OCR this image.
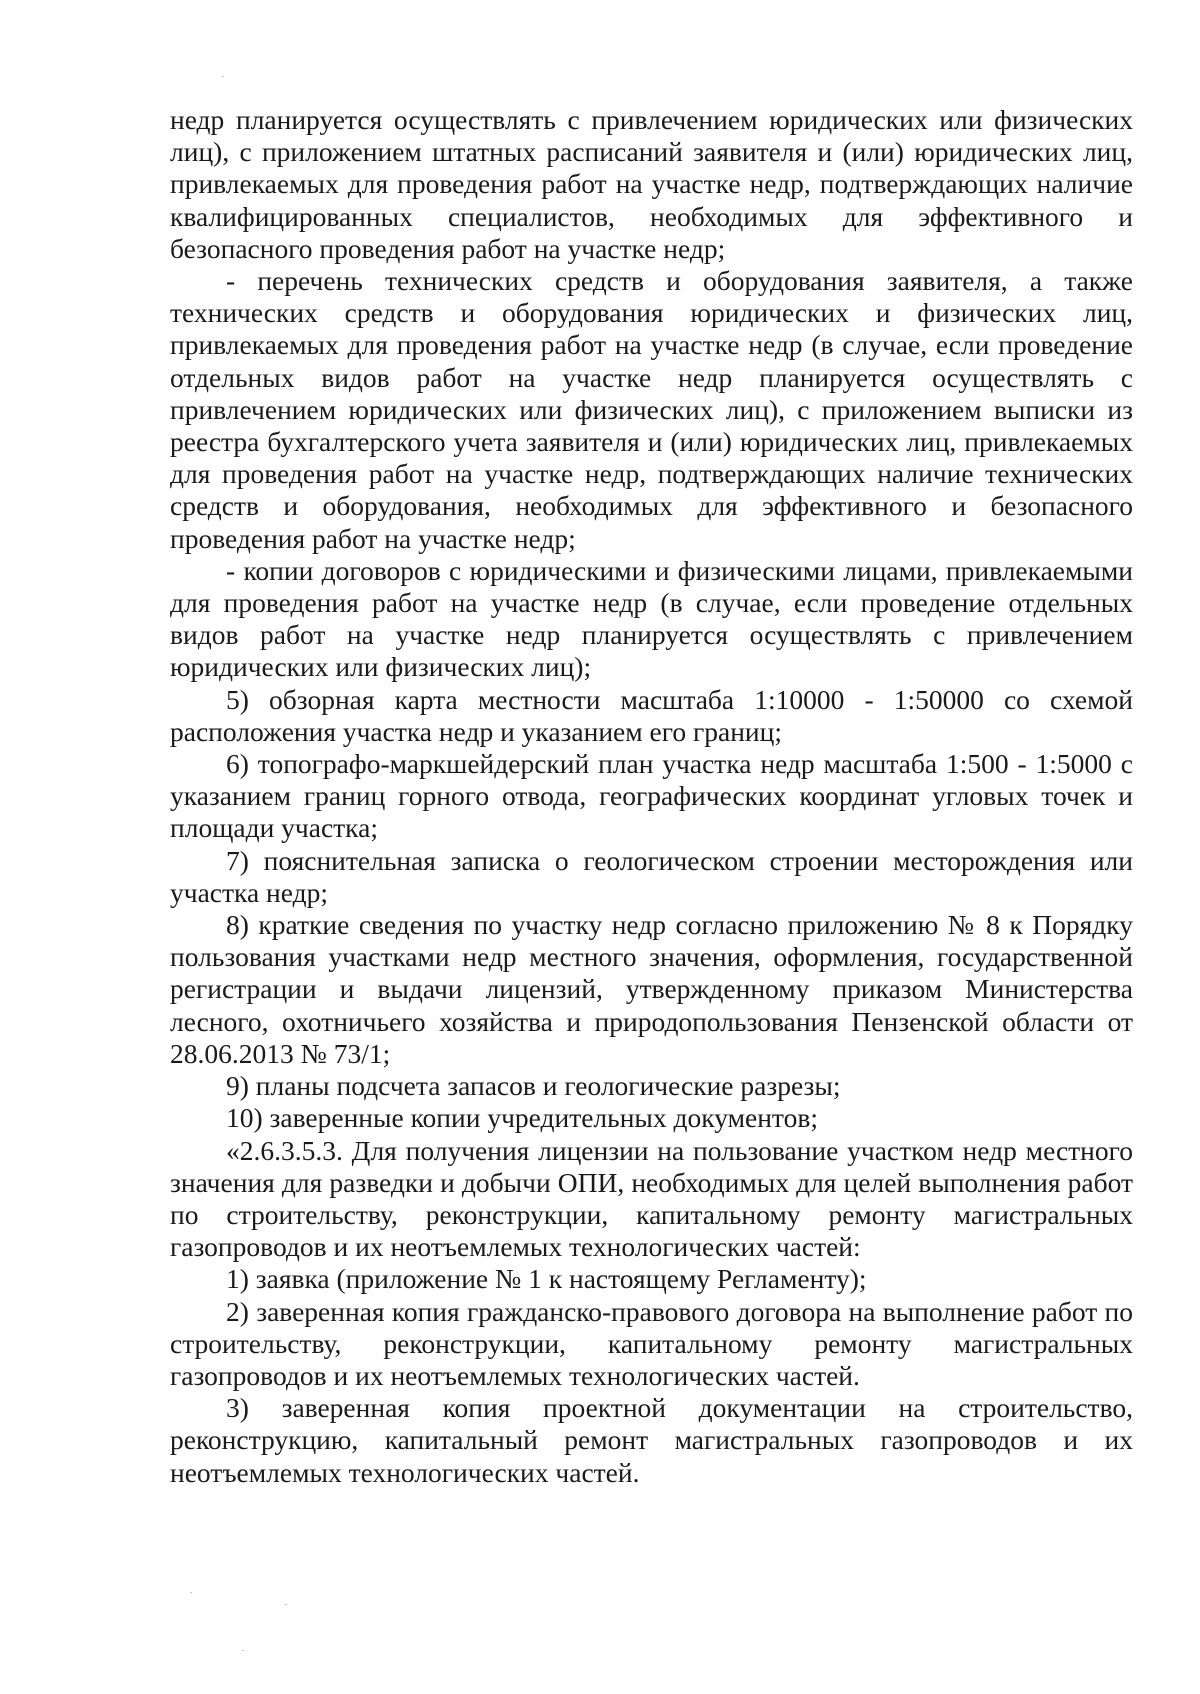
недр планируется осуществлять с привлечением юридических или физических лиц), с приложением штатных расписаний заявителя и (или) юридических лиц, привлекаемых для проведения работ на участке недр, подтверждающих наличие квалифицированных специалистов, необходимых для эффективного и безопасного проведения работ на участке недр;

- перечень технических средств и оборудования заявителя, а также технических средств и оборудования юридических и физических лиц, привлекаемых для проведения работ на участке недр (в случае, если проведение отдельных видов работ на участке недр планируется осуществлять с привлечением юридических или физических лиц), с приложением выписки из реестра бухгалтерского учета заявителя и (или) юридических лиц, привлекаемых для проведения работ на участке недр, подтверждающих наличие технических средств и оборудования, необходимых для эффективного и безопасного проведения работ на участке недр;

- копии договоров с юридическими и физическими лицами, привлекаемыми для проведения работ на участке недр (в случае, если проведение отдельных видов работ на участке недр планируется осуществлять с привлечением юридических или физических лиц);

5) обзорная карта местности масштаба 1:10000 - 1:50000 со схемой расположения участка недр и указанием его границ;

6) топографо-маркшейдерский план участка недр масштаба 1:500 - 1:5000 с указанием границ горного отвода, географических координат угловых точек и площади участка;

7) пояснительная записка о геологическом строении месторождения или участка недр;

8) краткие сведения по участку недр согласно приложению № 8 к Порядку пользования участками недр местного значения, оформления, государственной регистрации и выдачи лицензий, утвержденному приказом Министерства лесного, охотничьего хозяйства и природопользования Пензенской области от 28.06.2013 № 73/1;

9) планы подсчета запасов и геологические разрезы;

10) заверенные копии учредительных документов;

«2.6.3.5.3. Для получения лицензии на пользование участком недр местного значения для разведки и добычи ОПИ, необходимых для целей выполнения работ по строительству, реконструкции, капитальному ремонту магистральных газопроводов и их неотъемлемых технологических частей:

1) заявка (приложение № 1 к настоящему Регламенту);

2) заверенная копия гражданско-правового договора на выполнение работ по строительству, реконструкции, капитальному ремонту магистральных газопроводов и их неотъемлемых технологических частей.

3) заверенная копия проектной документации на строительство, реконструкцию, капитальный ремонт магистральных газопроводов и их неотъемлемых технологических частей.
